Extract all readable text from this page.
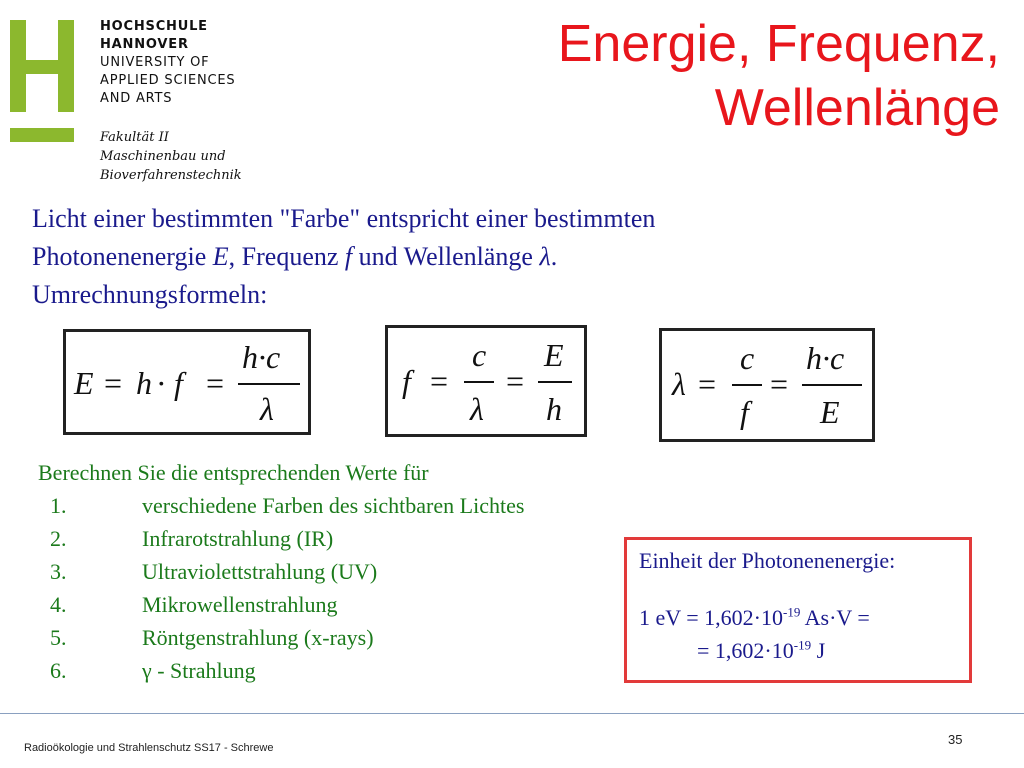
HOCHSCHULE
HANNOVER
UNIVERSITY OF
APPLIED SCIENCES
AND ARTS
Fakultät II
Maschinenbau und
Bioverfahrenstechnik
Energie, Frequenz,
Wellenlänge
Licht einer bestimmten "Farbe" entspricht einer bestimmten
Photonenenergie E, Frequenz f und Wellenlänge λ.
Umrechnungsformeln:
E = h · f =
h·c
λ
f =
c
λ
=
E
h
λ =
c
f
=
h·c
E
Berechnen Sie die entsprechenden Werte für
1.	verschiedene Farben des sichtbaren Lichtes
2.	Infrarotstrahlung (IR)
3.	Ultraviolettstrahlung (UV)
4.	Mikrowellenstrahlung
5.	Röntgenstrahlung (x-rays)
6.	γ - Strahlung
Einheit der Photonenenergie:
1 eV = $1,602\cdot 10^{-19}$ As·V =
= $1,602\cdot 10^{-19}$ J
Radioökologie und Strahlenschutz SS17 - Schrewe
35
